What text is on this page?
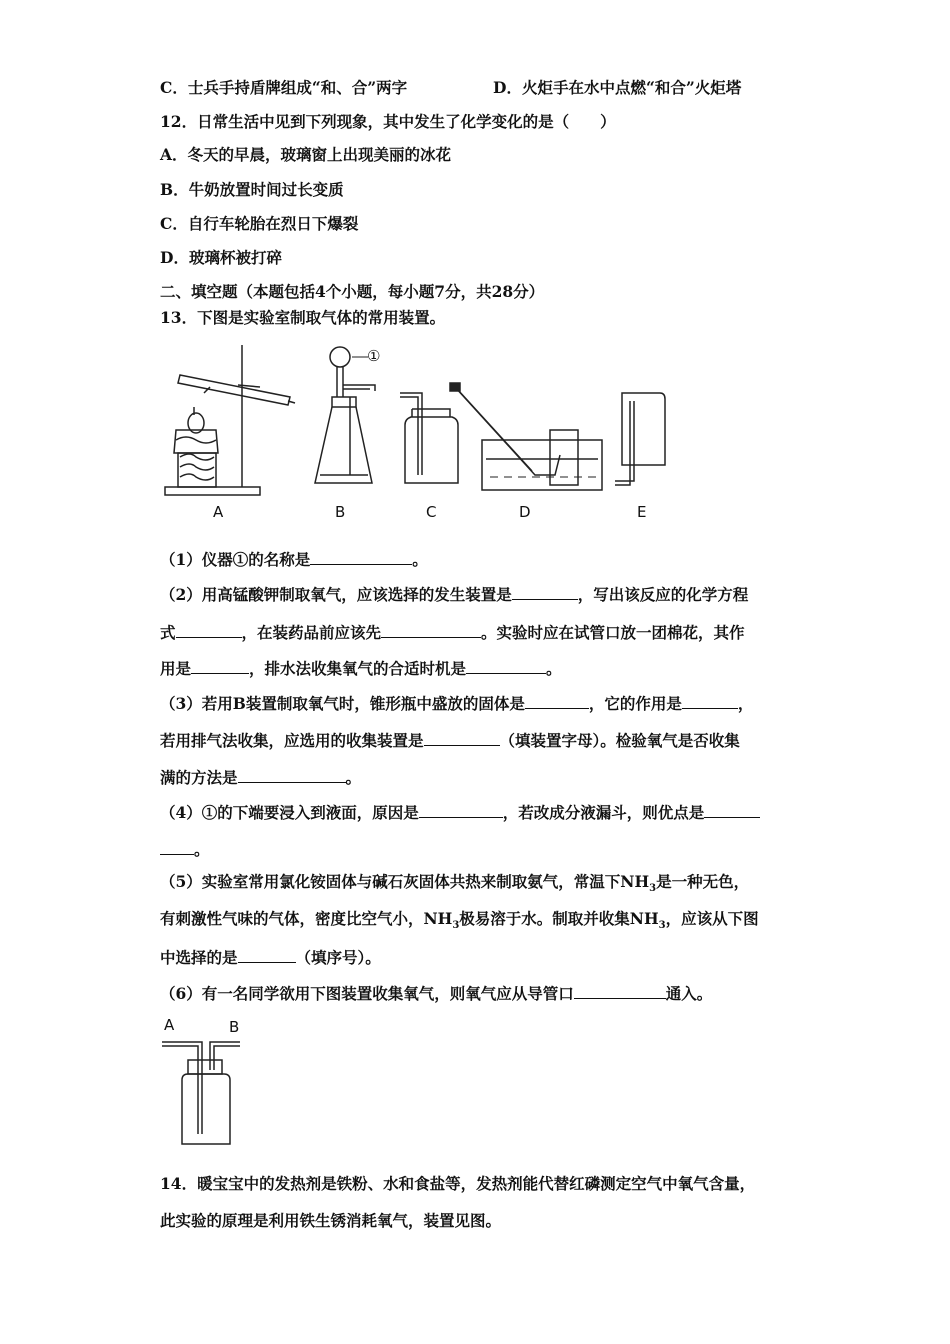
C．士兵手持盾牌组成“和、合”两字	D．火炬手在水中点燃“和合”火炬塔
12．日常生活中见到下列现象，其中发生了化学变化的是（　　）
A．冬天的早晨，玻璃窗上出现美丽的冰花
B．牛奶放置时间过长变质
C．自行车轮胎在烈日下爆裂
D．玻璃杯被打碎
二、填空题（本题包括4个小题，每小题7分，共28分）
13．下图是实验室制取气体的常用装置。
A	B	C	D	E
①
（1）仪器①的名称是	。
（2）用高锰酸钾制取氧气，应该选择的发生装置是	，写出该反应的化学方程
式	，在装药品前应该先	。实验时应在试管口放一团棉花，其作
用是	，排水法收集氧气的合适时机是	。
（3）若用B装置制取氧气时，锥形瓶中盛放的固体是	，它的作用是	，
若用排气法收集，应选用的收集装置是	（填装置字母）。检验氧气是否收集
满的方法是	。
（4）①的下端要浸入到液面，原因是	，若改成分液漏斗，则优点是
。
（5）实验室常用氯化铵固体与碱石灰固体共热来制取氨气，常温下$NH_3$是一种无色，
有刺激性气味的气体，密度比空气小，$NH_3$极易溶于水。制取并收集$NH_3$，应该从下图
中选择的是	（填序号）。
（6）有一名同学欲用下图装置收集氧气，则氧气应从导管口	通入。
A	B
14．暖宝宝中的发热剂是铁粉、水和食盐等，发热剂能代替红磷测定空气中氧气含量，
此实验的原理是利用铁生锈消耗氧气，装置见图。
